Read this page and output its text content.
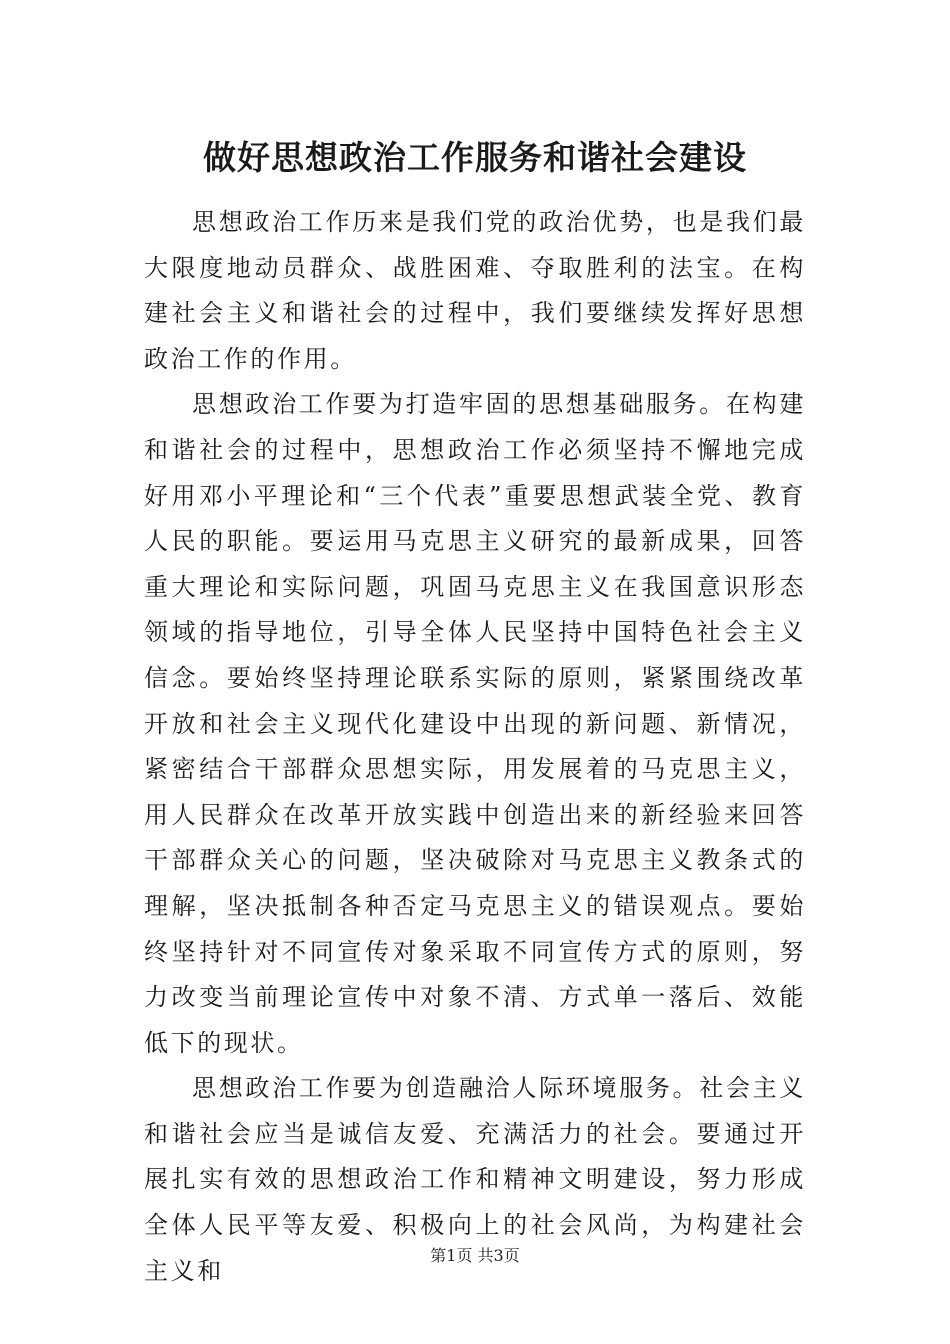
做好思想政治工作服务和谐社会建设

思想政治工作历来是我们党的政治优势，也是我们最大限度地动员群众、战胜困难、夺取胜利的法宝。在构建社会主义和谐社会的过程中，我们要继续发挥好思想政治工作的作用。

思想政治工作要为打造牢固的思想基础服务。在构建和谐社会的过程中，思想政治工作必须坚持不懈地完成好用邓小平理论和“三个代表”重要思想武装全党、教育人民的职能。要运用马克思主义研究的最新成果，回答重大理论和实际问题，巩固马克思主义在我国意识形态领域的指导地位，引导全体人民坚持中国特色社会主义信念。要始终坚持理论联系实际的原则，紧紧围绕改革开放和社会主义现代化建设中出现的新问题、新情况，紧密结合干部群众思想实际，用发展着的马克思主义，用人民群众在改革开放实践中创造出来的新经验来回答干部群众关心的问题，坚决破除对马克思主义教条式的理解，坚决抵制各种否定马克思主义的错误观点。要始终坚持针对不同宣传对象采取不同宣传方式的原则，努力改变当前理论宣传中对象不清、方式单一落后、效能低下的现状。

思想政治工作要为创造融洽人际环境服务。社会主义和谐社会应当是诚信友爱、充满活力的社会。要通过开展扎实有效的思想政治工作和精神文明建设，努力形成全体人民平等友爱、积极向上的社会风尚，为构建社会主义和

第1页 共3页
